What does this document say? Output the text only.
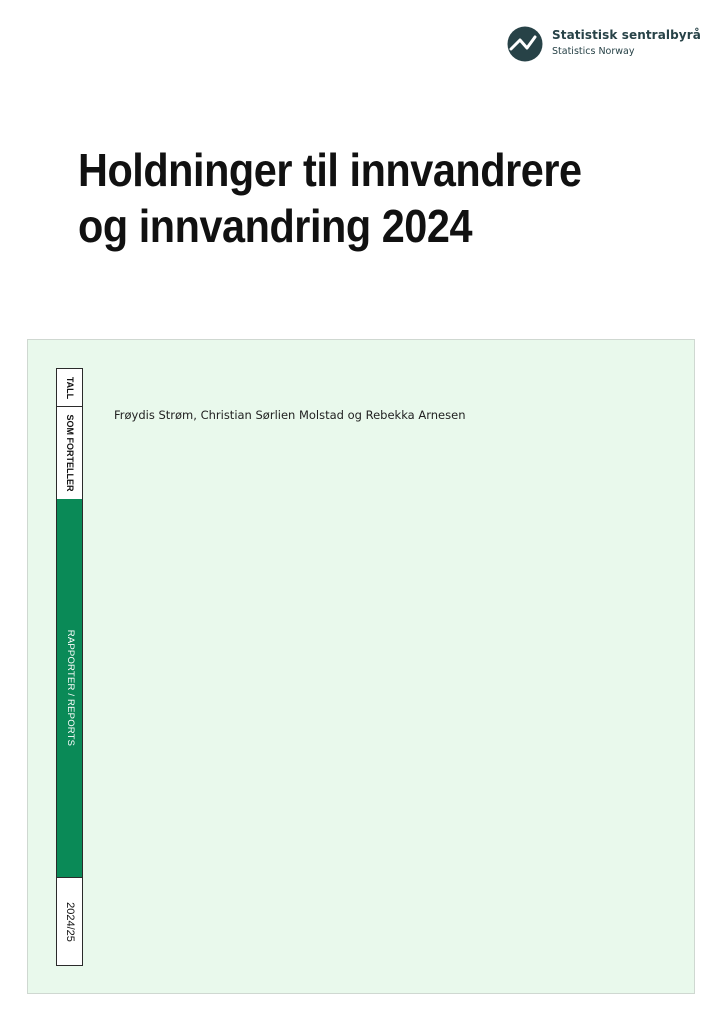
Statistisk sentralbyrå
Statistics Norway
Holdninger til innvandrere og innvandring 2024
TALL
SOM FORTELLER
RAPPORTER / REPORTS
2024/25
Frøydis Strøm, Christian Sørlien Molstad og Rebekka Arnesen
